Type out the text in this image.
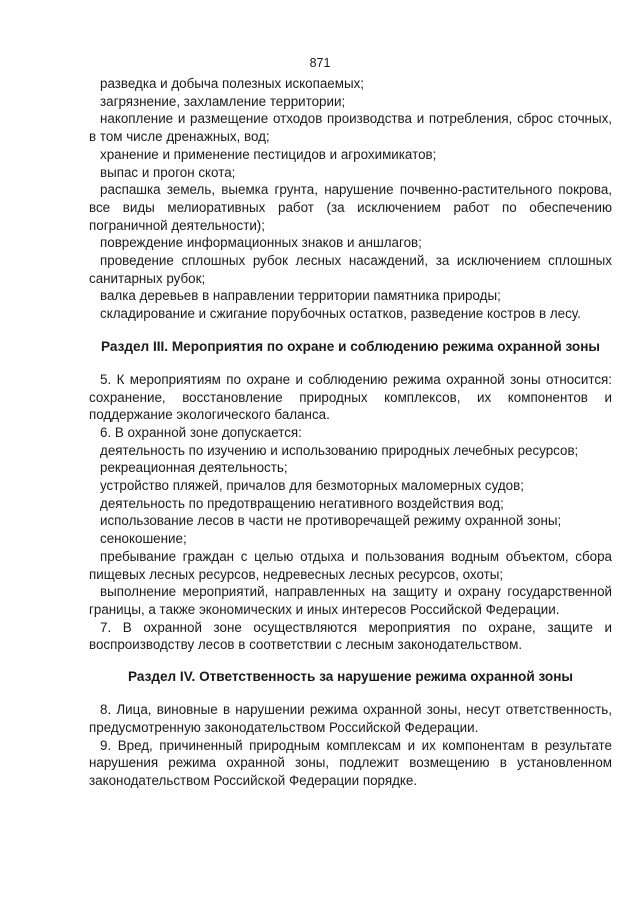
871

разведка и добыча полезных ископаемых;

загрязнение, захламление территории;

накопление и размещение отходов производства и потребления, сброс сточных, в том числе дренажных, вод;

хранение и применение пестицидов и агрохимикатов;

выпас и прогон скота;

распашка земель, выемка грунта, нарушение почвенно-растительного покрова, все виды мелиоративных работ (за исключением работ по обеспечению пограничной деятельности);

повреждение информационных знаков и аншлагов;

проведение сплошных рубок лесных насаждений, за исключением сплошных санитарных рубок;

валка деревьев в направлении территории памятника природы;

складирование и сжигание порубочных остатков, разведение костров в лесу.

Раздел III. Мероприятия по охране и соблюдению режима охранной зоны

5. К мероприятиям по охране и соблюдению режима охранной зоны относится: сохранение, восстановление природных комплексов, их компонентов и поддержание экологического баланса.

6. В охранной зоне допускается:

деятельность по изучению и использованию природных лечебных ресурсов;

рекреационная деятельность;

устройство пляжей, причалов для безмоторных маломерных судов;

деятельность по предотвращению негативного воздействия вод;

использование лесов в части не противоречащей режиму охранной зоны;

сенокошение;

пребывание граждан с целью отдыха и пользования водным объектом, сбора пищевых лесных ресурсов, недревесных лесных ресурсов, охоты;

выполнение мероприятий, направленных на защиту и охрану государственной границы, а также экономических и иных интересов Российской Федерации.

7. В охранной зоне осуществляются мероприятия по охране, защите и воспроизводству лесов в соответствии с лесным законодательством.

Раздел IV. Ответственность за нарушение режима охранной зоны

8. Лица, виновные в нарушении режима охранной зоны, несут ответственность, предусмотренную законодательством Российской Федерации.

9. Вред, причиненный природным комплексам и их компонентам в результате нарушения режима охранной зоны, подлежит возмещению в установленном законодательством Российской Федерации порядке.
